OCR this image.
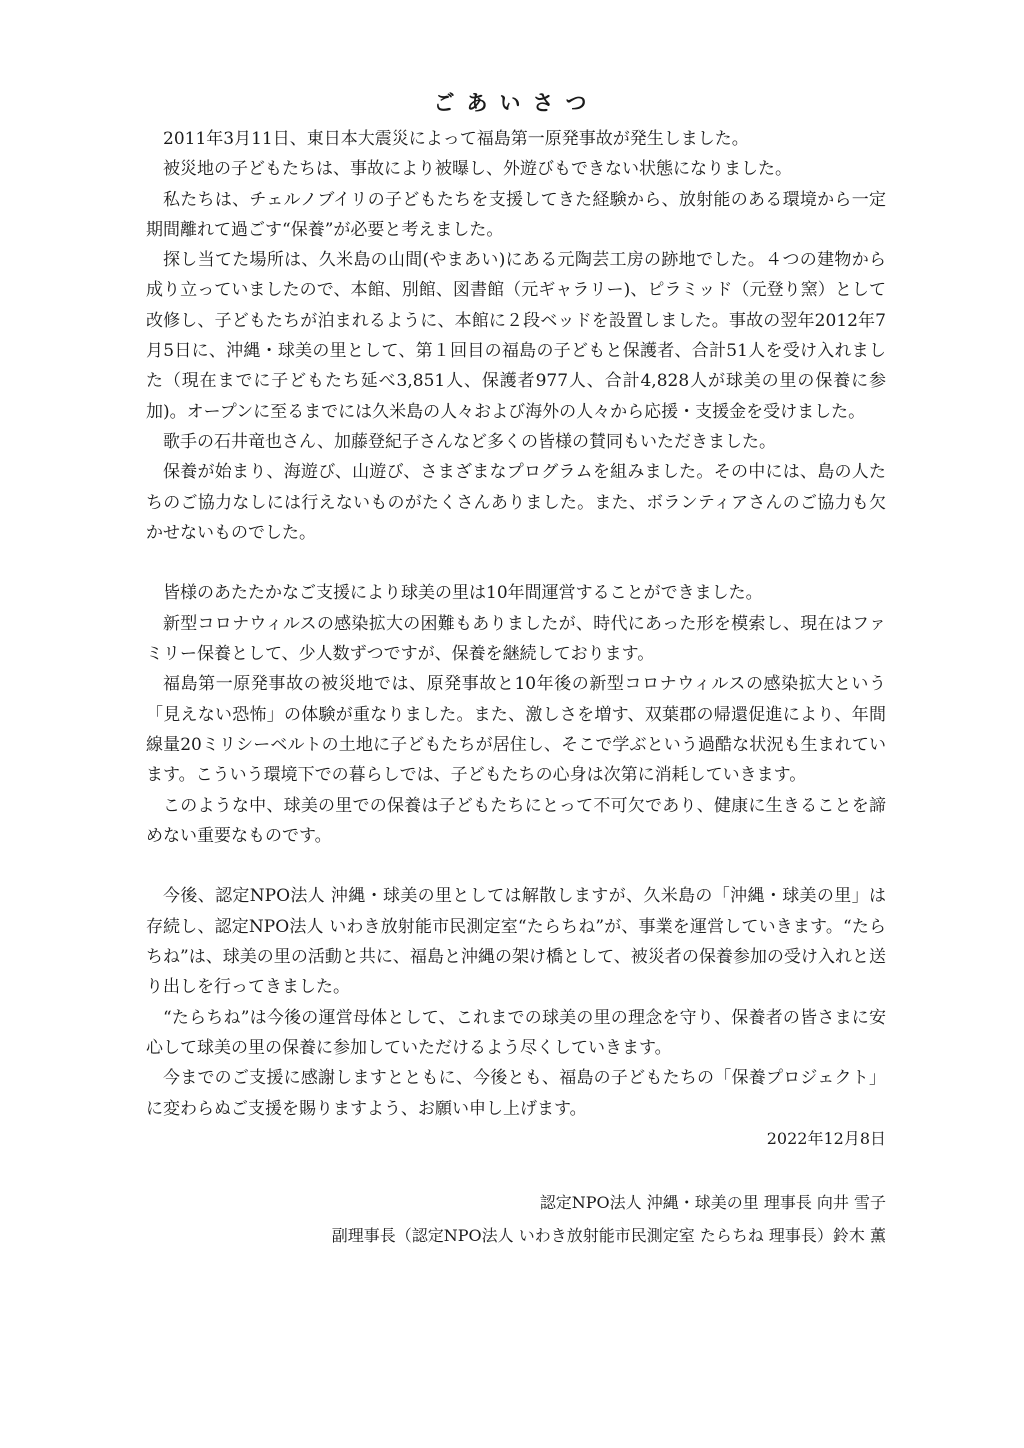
ごあいさつ

2011年3月11日、東日本大震災によって福島第一原発事故が発生しました。

被災地の子どもたちは、事故により被曝し、外遊びもできない状態になりました。

私たちは、チェルノブイリの子どもたちを支援してきた経験から、放射能のある環境から一定期間離れて過ごす“保養”が必要と考えました。

探し当てた場所は、久米島の山間(やまあい)にある元陶芸工房の跡地でした。４つの建物から成り立っていましたので、本館、別館、図書館（元ギャラリー)、ピラミッド（元登り窯）として改修し、子どもたちが泊まれるように、本館に２段ベッドを設置しました。事故の翌年2012年7月5日に、沖縄・球美の里として、第１回目の福島の子どもと保護者、合計51人を受け入れました（現在までに子どもたち延べ3,851人、保護者977人、合計4,828人が球美の里の保養に参加)。オープンに至るまでには久米島の人々および海外の人々から応援・支援金を受けました。

歌手の石井竜也さん、加藤登紀子さんなど多くの皆様の賛同もいただきました。

保養が始まり、海遊び、山遊び、さまざまなプログラムを組みました。その中には、島の人たちのご協力なしには行えないものがたくさんありました。また、ボランティアさんのご協力も欠かせないものでした。

皆様のあたたかなご支援により球美の里は10年間運営することができました。

新型コロナウィルスの感染拡大の困難もありましたが、時代にあった形を模索し、現在はファミリー保養として、少人数ずつですが、保養を継続しております。

福島第一原発事故の被災地では、原発事故と10年後の新型コロナウィルスの感染拡大という「見えない恐怖」の体験が重なりました。また、激しさを増す、双葉郡の帰還促進により、年間線量20ミリシーベルトの土地に子どもたちが居住し、そこで学ぶという過酷な状況も生まれています。こういう環境下での暮らしでは、子どもたちの心身は次第に消耗していきます。

このような中、球美の里での保養は子どもたちにとって不可欠であり、健康に生きることを諦めない重要なものです。

今後、認定NPO法人 沖縄・球美の里としては解散しますが、久米島の「沖縄・球美の里」は存続し、認定NPO法人 いわき放射能市民測定室“たらちね”が、事業を運営していきます。“たらちね”は、球美の里の活動と共に、福島と沖縄の架け橋として、被災者の保養参加の受け入れと送り出しを行ってきました。

“たらちね”は今後の運営母体として、これまでの球美の里の理念を守り、保養者の皆さまに安心して球美の里の保養に参加していただけるよう尽くしていきます。

今までのご支援に感謝しますとともに、今後とも、福島の子どもたちの「保養プロジェクト」に変わらぬご支援を賜りますよう、お願い申し上げます。

2022年12月8日

認定NPO法人 沖縄・球美の里 理事長 向井 雪子

副理事長（認定NPO法人 いわき放射能市民測定室 たらちね 理事長）鈴木 薫
